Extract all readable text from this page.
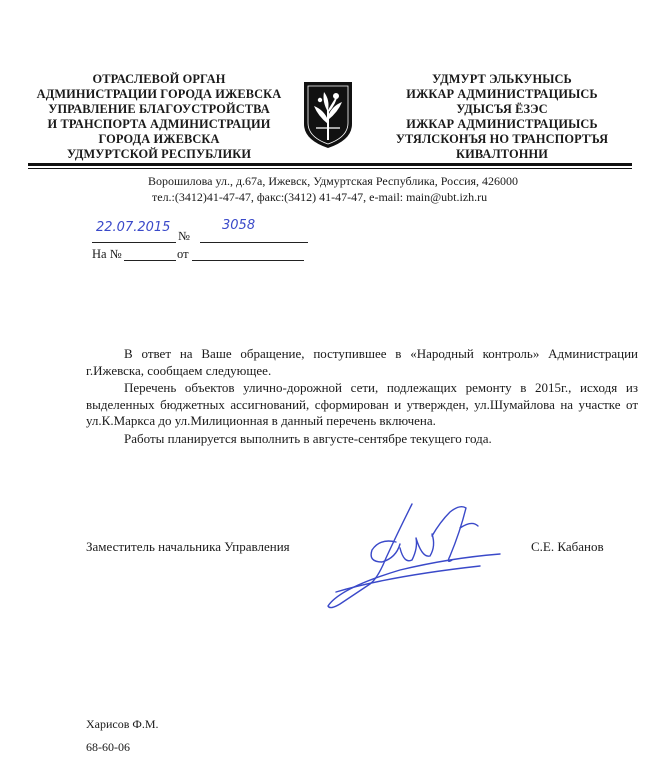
ОТРАСЛЕВОЙ ОРГАН
АДМИНИСТРАЦИИ ГОРОДА ИЖЕВСКА
УПРАВЛЕНИЕ БЛАГОУСТРОЙСТВА
И ТРАНСПОРТА АДМИНИСТРАЦИИ
ГОРОДА ИЖЕВСКА
УДМУРТСКОЙ РЕСПУБЛИКИ
УДМУРТ ЭЛЬКУНЫСЬ
ИЖКАР АДМИНИСТРАЦИЫСЬ
УДЫСЪЯ ЁЗЭС
ИЖКАР АДМИНИСТРАЦИЫСЬ
УТЯЛСКОНЪЯ НО ТРАНСПОРТЪЯ
КИВАЛТОННИ
Ворошилова ул., д.67а, Ижевск, Удмуртская Республика, Россия, 426000
тел.:(3412)41-47-47, факс:(3412) 41-47-47, e-mail: main@ubt.izh.ru
22.07.2015
№
3058
На №	от

В ответ на Ваше обращение, поступившее в «Народный контроль» Администрации г.Ижевска, сообщаем следующее.

Перечень объектов улично-дорожной сети, подлежащих ремонту в 2015г., исходя из выделенных бюджетных ассигнований, сформирован и утвержден, ул.Шумайлова на участке от ул.К.Маркса до ул.Милиционная в данный перечень включена.

Работы планируется выполнить в августе-сентябре текущего года.

Заместитель начальника Управления	С.Е. Кабанов
Харисов Ф.М.
68-60-06
